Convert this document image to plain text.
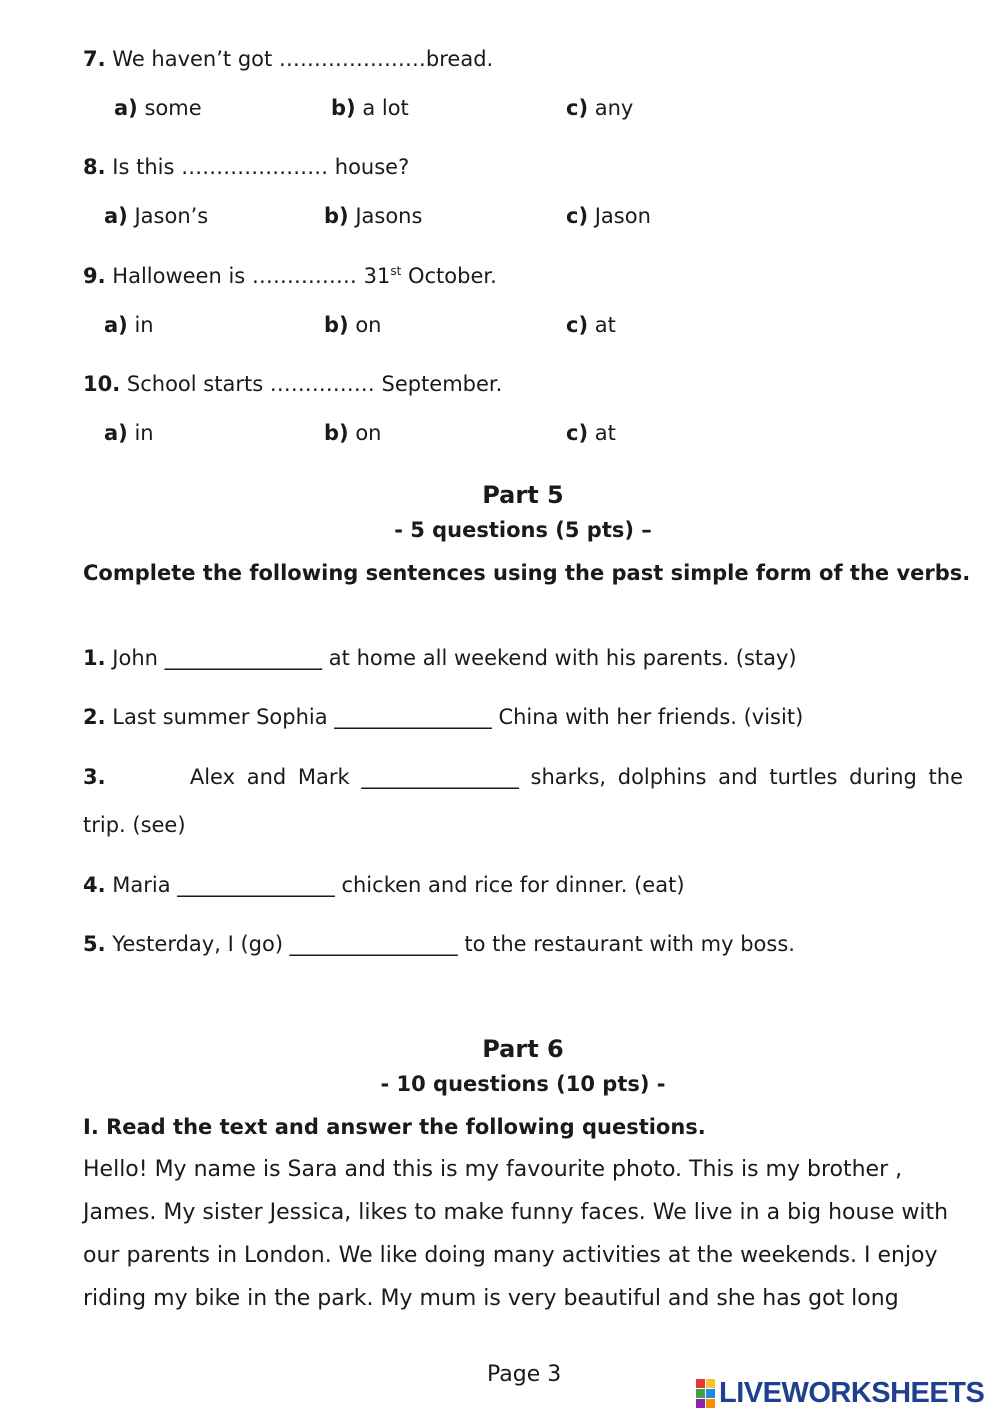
7. We haven’t got …………………bread.
a) some	b) a lot	c) any
8. Is this ………………… house?
a) Jason’s	b) Jasons	c) Jason
9. Halloween is …………… 31st October.
a) in	b) on	c) at
10. School starts …………… September.
a) in	b) on	c) at
Part 5
- 5 questions (5 pts) –
Complete the following sentences using the past simple form of the verbs.
1. John _______________ at home all weekend with his parents. (stay)
2. Last summer Sophia _______________ China with her friends. (visit)
3.	Alex and Mark _______________ sharks, dolphins and turtles during the
trip. (see)
4. Maria _______________ chicken and rice for dinner. (eat)
5. Yesterday, I (go) ________________ to the restaurant with my boss.
Part 6
- 10 questions (10 pts) -
I. Read the text and answer the following questions.
Hello! My name is Sara and this is my favourite photo. This is my brother ,
James. My sister Jessica, likes to make funny faces. We live in a big house with
our parents in London. We like doing many activities at the weekends. I enjoy
riding my bike in the park. My mum is very beautiful and she has got long
Page 3
LIVEWORKSHEETS
